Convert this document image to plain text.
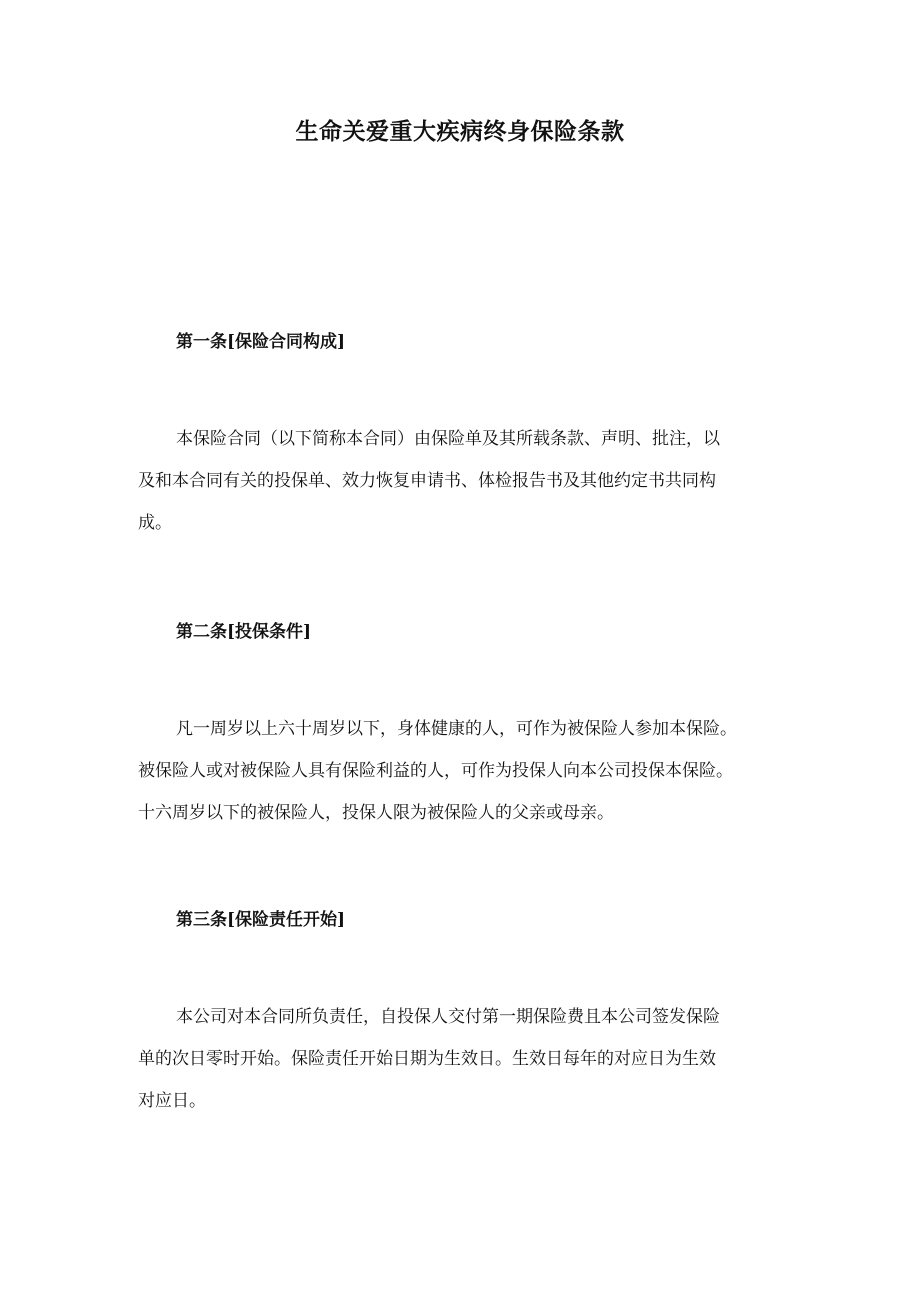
生命关爱重大疾病终身保险条款
第一条[保险合同构成]
本保险合同（以下简称本合同）由保险单及其所载条款、声明、批注，以
及和本合同有关的投保单、效力恢复申请书、体检报告书及其他约定书共同构
成。
第二条[投保条件]
凡一周岁以上六十周岁以下，身体健康的人，可作为被保险人参加本保险。
被保险人或对被保险人具有保险利益的人，可作为投保人向本公司投保本保险。
十六周岁以下的被保险人，投保人限为被保险人的父亲或母亲。
第三条[保险责任开始]
本公司对本合同所负责任，自投保人交付第一期保险费且本公司签发保险
单的次日零时开始。保险责任开始日期为生效日。生效日每年的对应日为生效
对应日。
